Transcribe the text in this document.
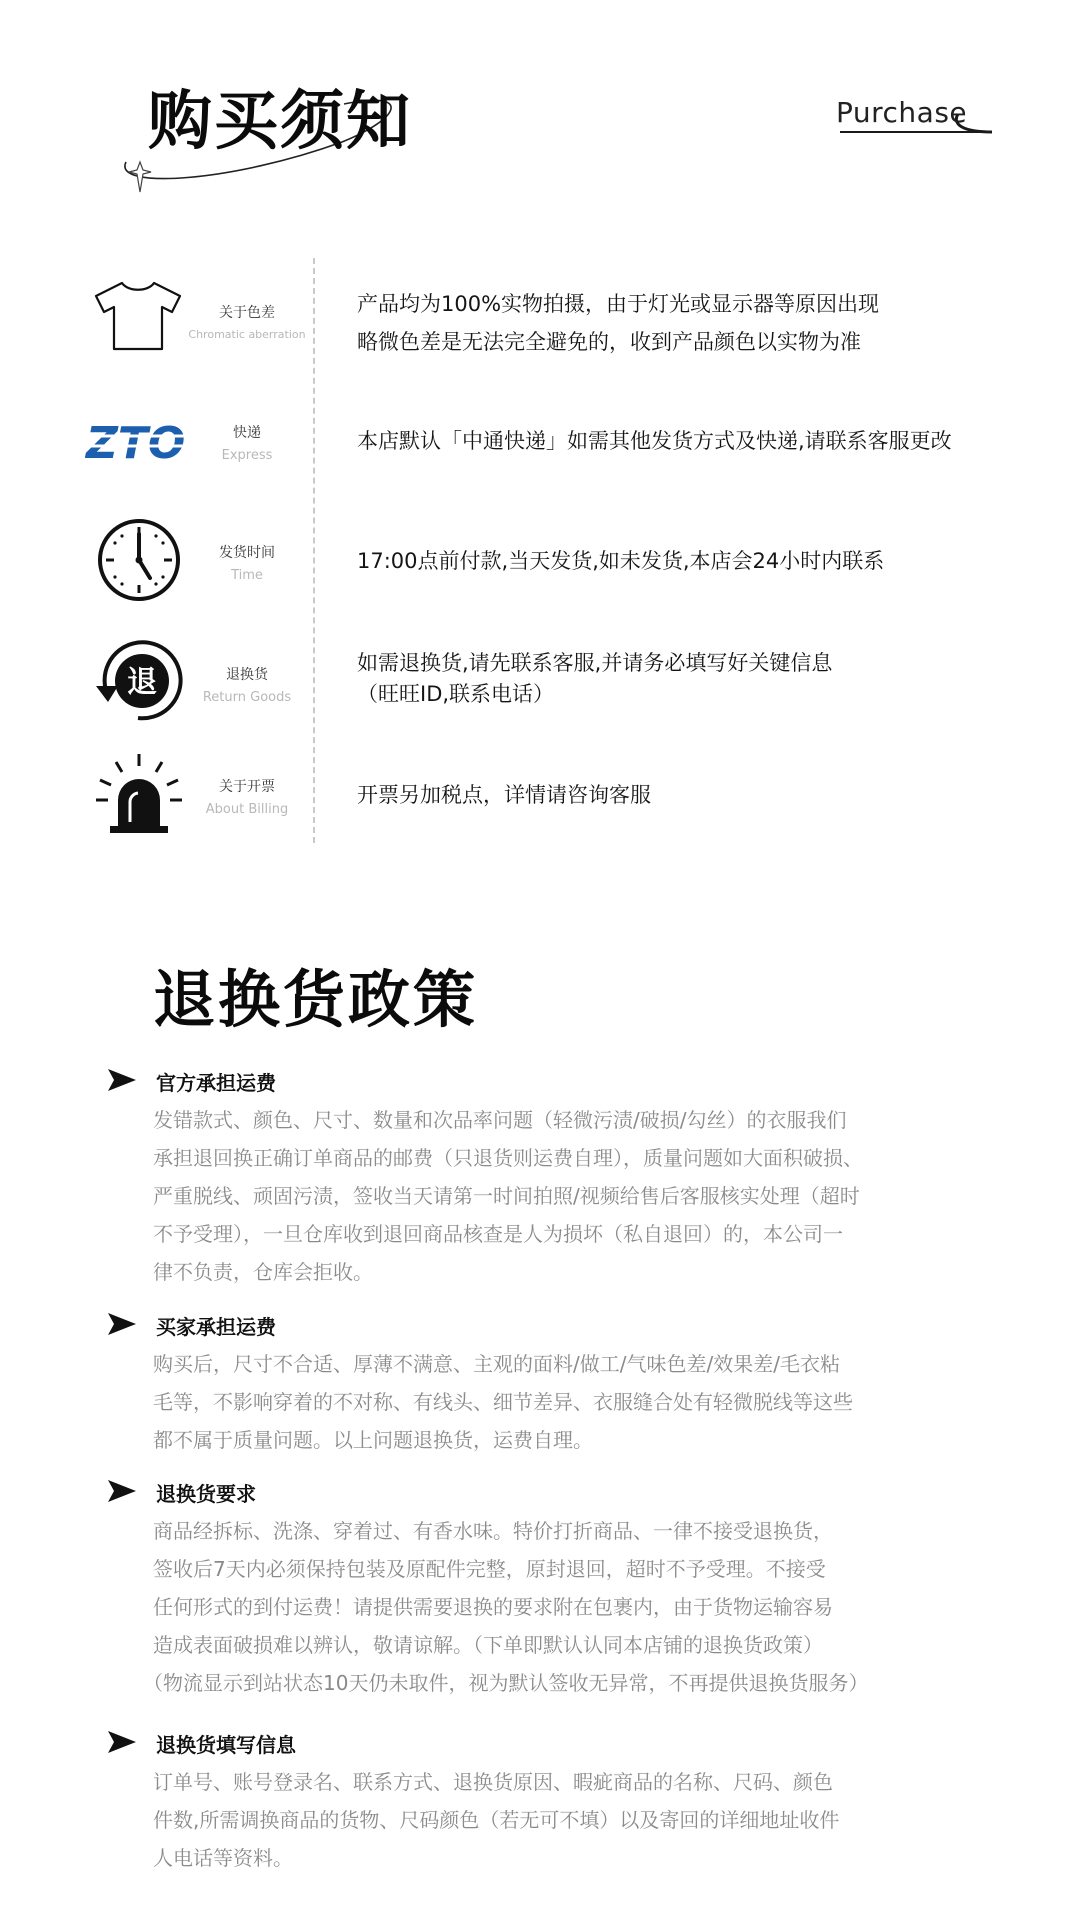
购买须知	Purchase
关于色差
Chromatic aberration
产品均为100%实物拍摄，由于灯光或显示器等原因出现
略微色差是无法完全避免的，收到产品颜色以实物为准
ZTO	快递
Express
本店默认「中通快递」如需其他发货方式及快递,请联系客服更改
发货时间
Time
17:00点前付款,当天发货,如未发货,本店会24小时内联系
退	退换货
Return Goods
如需退换货,请先联系客服,并请务必填写好关键信息
（旺旺ID,联系电话）
关于开票
About Billing
开票另加税点，详情请咨询客服
退换货政策
官方承担运费
发错款式、颜色、尺寸、数量和次品率问题（轻微污渍/破损/勾丝）的衣服我们
承担退回换正确订单商品的邮费（只退货则运费自理），质量问题如大面积破损、
严重脱线、顽固污渍，签收当天请第一时间拍照/视频给售后客服核实处理（超时
不予受理），一旦仓库收到退回商品核查是人为损坏（私自退回）的，本公司一
律不负责，仓库会拒收。
买家承担运费
购买后，尺寸不合适、厚薄不满意、主观的面料/做工/气味色差/效果差/毛衣粘
毛等，不影响穿着的不对称、有线头、细节差异、衣服缝合处有轻微脱线等这些
都不属于质量问题。以上问题退换货，运费自理。
退换货要求
商品经拆标、洗涤、穿着过、有香水味。特价打折商品、一律不接受退换货，
签收后7天内必须保持包装及原配件完整，原封退回，超时不予受理。不接受
任何形式的到付运费！请提供需要退换的要求附在包裹内，由于货物运输容易
造成表面破损难以辨认，敬请谅解。（下单即默认认同本店铺的退换货政策）
（物流显示到站状态10天仍未取件，视为默认签收无异常，不再提供退换货服务）
退换货填写信息
订单号、账号登录名、联系方式、退换货原因、暇疵商品的名称、尺码、颜色
件数,所需调换商品的货物、尺码颜色（若无可不填）以及寄回的详细地址收件
人电话等资料。
